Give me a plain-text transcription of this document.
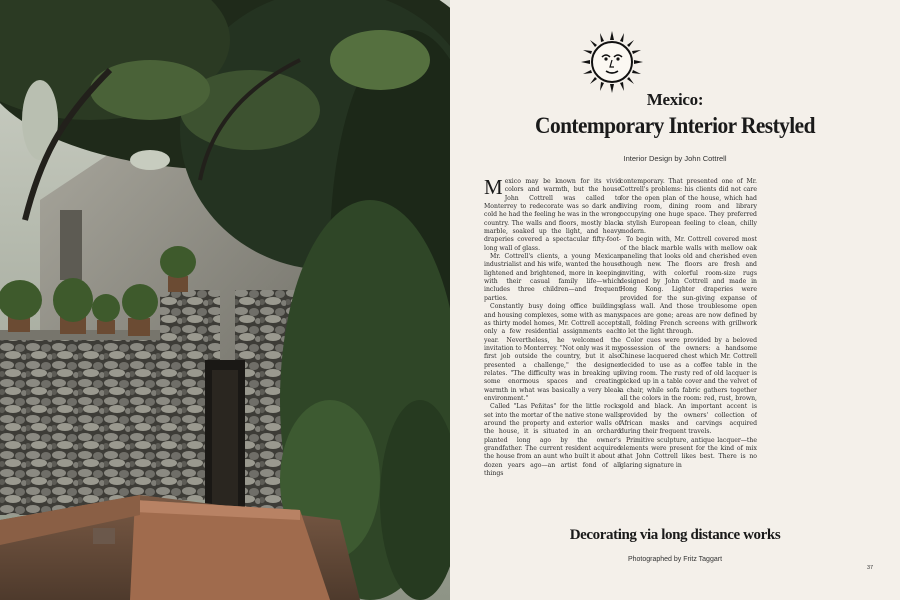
Mexico:
Contemporary Interior Restyled
Interior Design by John Cottrell

Mexico may be known for its vivid colors and warmth, but the house John Cottrell was called to Monterrey to redecorate was so dark and cold he had the feeling he was in the wrong country. The walls and floors, mostly black marble, soaked up the light, and heavy draperies covered a spectacular fifty-foot-long wall of glass.

Mr. Cottrell's clients, a young Mexican industrialist and his wife, wanted the house lightened and brightened, more in keeping with their casual family life—which includes three children—and frequent parties.

Constantly busy doing office buildings and housing complexes, some with as many as thirty model homes, Mr. Cottrell accepts only a few residential assignments each year. Nevertheless, he welcomed the invitation to Monterrey. "Not only was it my first job outside the country, but it also presented a challenge," the designer relates. "The difficulty was in breaking up some enormous spaces and creating warmth in what was basically a very bleak environment."

Called "Las Peñitas" for the little rocks set into the mortar of the native stone walls around the property and exterior walls of the house, it is situated in an orchard planted long ago by the owner's grandfather. The current resident acquired the house from an aunt who built it about a dozen years ago—an artist fond of all things

contemporary. That presented one of Mr. Cottrell's problems: his clients did not care for the open plan of the house, which had living room, dining room and library occupying one huge space. They preferred a stylish European feeling to clean, chilly modern.

To begin with, Mr. Cottrell covered most of the black marble walls with mellow oak paneling that looks old and cherished even though new. The floors are fresh and inviting, with colorful room-size rugs designed by John Cottrell and made in Hong Kong. Lighter draperies were provided for the sun-giving expanse of glass wall. And those troublesome open spaces are gone; areas are now defined by tall, folding French screens with grillwork to let the light through.

Color cues were provided by a beloved possession of the owners: a handsome Chinese lacquered chest which Mr. Cottrell decided to use as a coffee table in the living room. The rusty red of old lacquer is picked up in a table cover and the velvet of a chair, while sofa fabric gathers together all the colors in the room: red, rust, brown, gold and black. An important accent is provided by the owners' collection of African masks and carvings acquired during their frequent travels.

Primitive sculpture, antique lacquer—the elements were present for the kind of mix that John Cottrell likes best. There is no glaring signature in

Decorating via long distance works
Photographed by Fritz Taggart
37
